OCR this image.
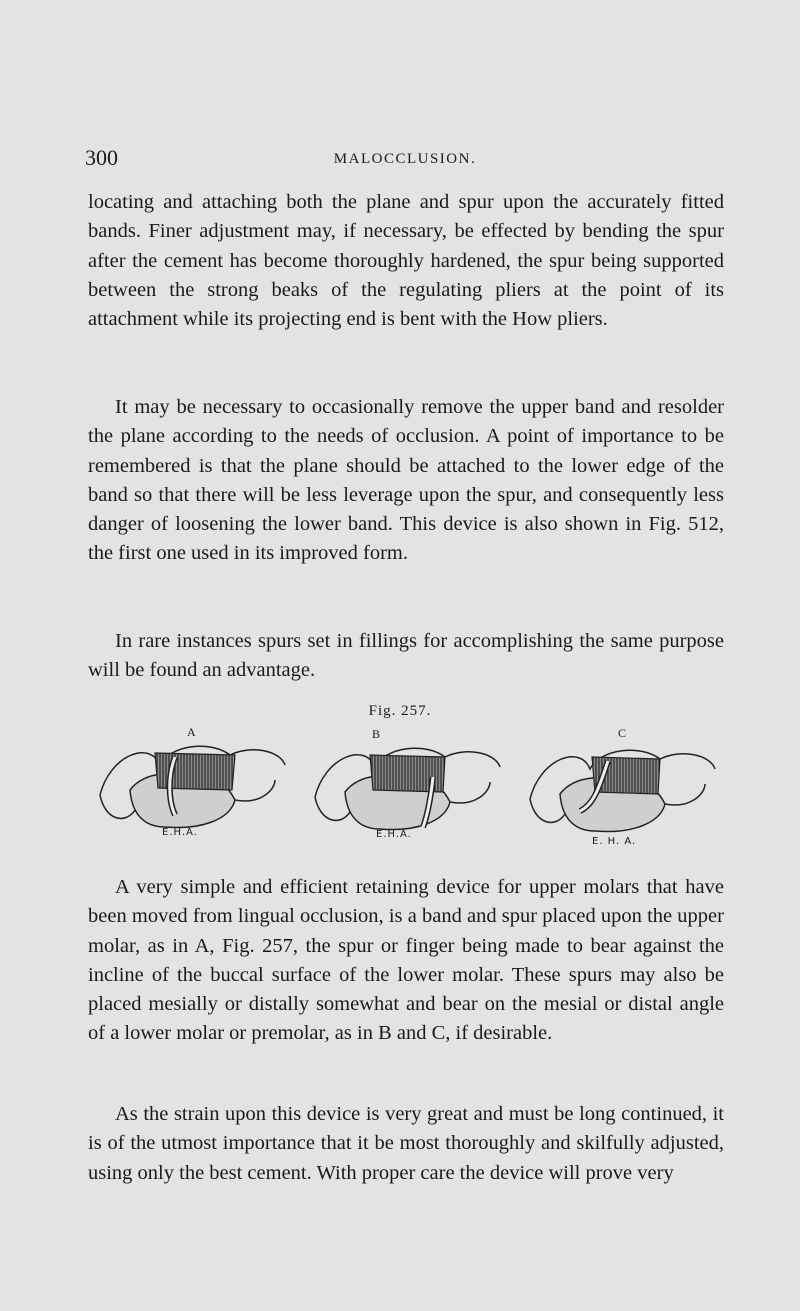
300	MALOCCLUSION.

locating and attaching both the plane and spur upon the accurately fitted bands. Finer adjustment may, if necessary, be effected by bending the spur after the cement has become thoroughly hardened, the spur being supported between the strong beaks of the regulating pliers at the point of its attachment while its projecting end is bent with the How pliers.

It may be necessary to occasionally remove the upper band and resolder the plane according to the needs of occlusion. A point of importance to be remembered is that the plane should be attached to the lower edge of the band so that there will be less leverage upon the spur, and consequently less danger of loosening the lower band. This device is also shown in Fig. 512, the first one used in its improved form.

In rare instances spurs set in fillings for accomplishing the same purpose will be found an advantage.

Fig. 257.
A	B	C
E.H.A.	E.H.A.
E. H. A.

A very simple and efficient retaining device for upper molars that have been moved from lingual occlusion, is a band and spur placed upon the upper molar, as in A, Fig. 257, the spur or finger being made to bear against the incline of the buccal surface of the lower molar. These spurs may also be placed mesially or distally somewhat and bear on the mesial or distal angle of a lower molar or premolar, as in B and C, if desirable.

As the strain upon this device is very great and must be long continued, it is of the utmost importance that it be most thoroughly and skilfully adjusted, using only the best cement. With proper care the device will prove very
